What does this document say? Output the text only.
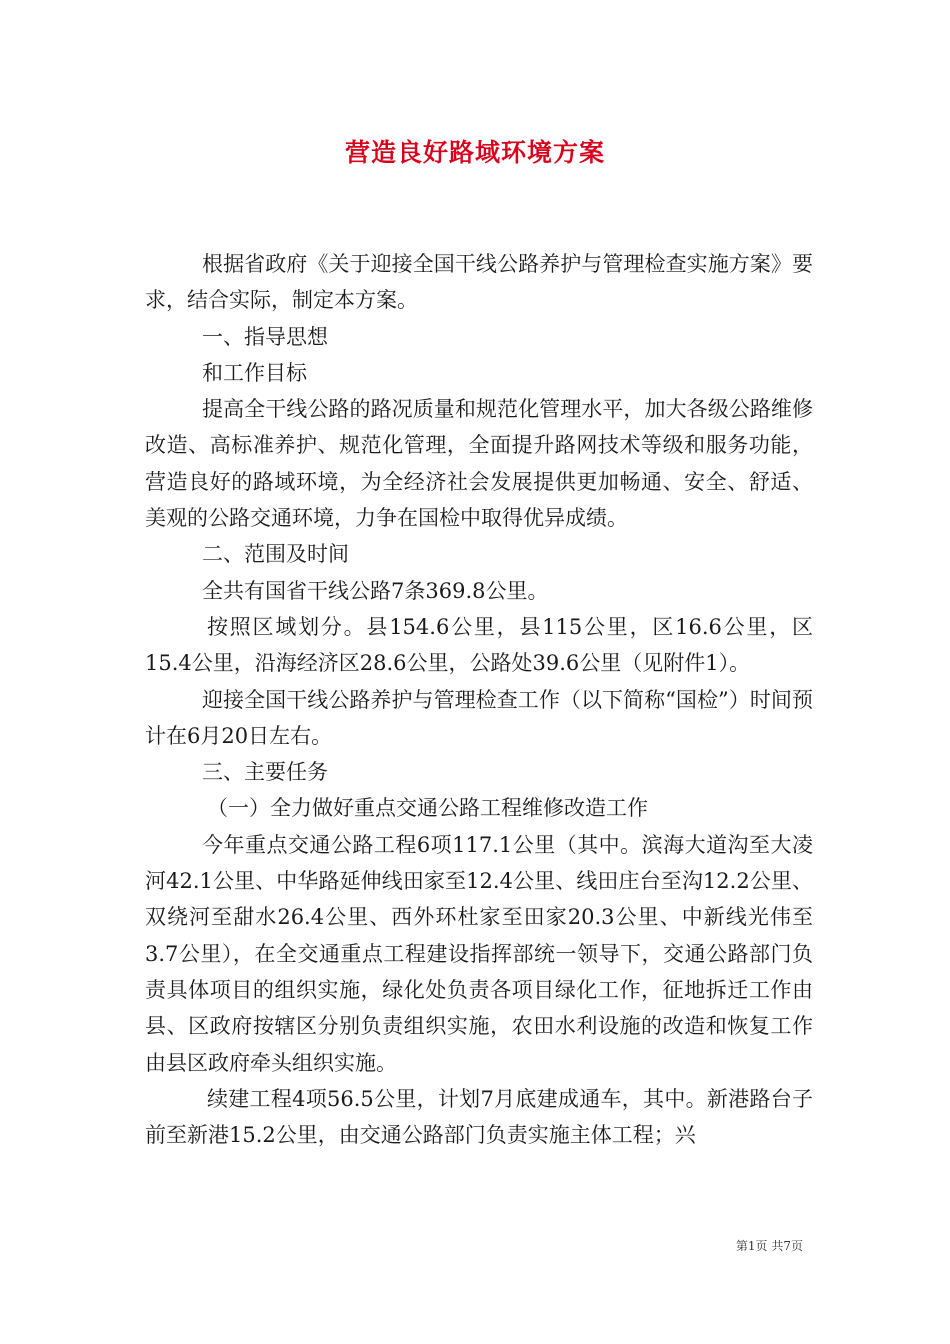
营造良好路域环境方案

根据省政府《关于迎接全国干线公路养护与管理检查实施方案》要求，结合实际，制定本方案。

一、指导思想

和工作目标

提高全干线公路的路况质量和规范化管理水平，加大各级公路维修改造、高标准养护、规范化管理，全面提升路网技术等级和服务功能，营造良好的路域环境，为全经济社会发展提供更加畅通、安全、舒适、美观的公路交通环境，力争在国检中取得优异成绩。

二、范围及时间

全共有国省干线公路7条369.8公里。

按照区域划分。县154.6公里，县115公里，区16.6公里，区15.4公里，沿海经济区28.6公里，公路处39.6公里（见附件1）。

迎接全国干线公路养护与管理检查工作（以下简称“国检”）时间预计在6月20日左右。

三、主要任务

（一）全力做好重点交通公路工程维修改造工作

今年重点交通公路工程6项117.1公里（其中。滨海大道沟至大凌河42.1公里、中华路延伸线田家至12.4公里、线田庄台至沟12.2公里、双绕河至甜水26.4公里、西外环杜家至田家20.3公里、中新线光伟至3.7公里），在全交通重点工程建设指挥部统一领导下，交通公路部门负责具体项目的组织实施，绿化处负责各项目绿化工作，征地拆迁工作由县、区政府按辖区分别负责组织实施，农田水利设施的改造和恢复工作由县区政府牵头组织实施。

续建工程4项56.5公里，计划7月底建成通车，其中。新港路台子前至新港15.2公里，由交通公路部门负责实施主体工程；兴

第1页 共7页
